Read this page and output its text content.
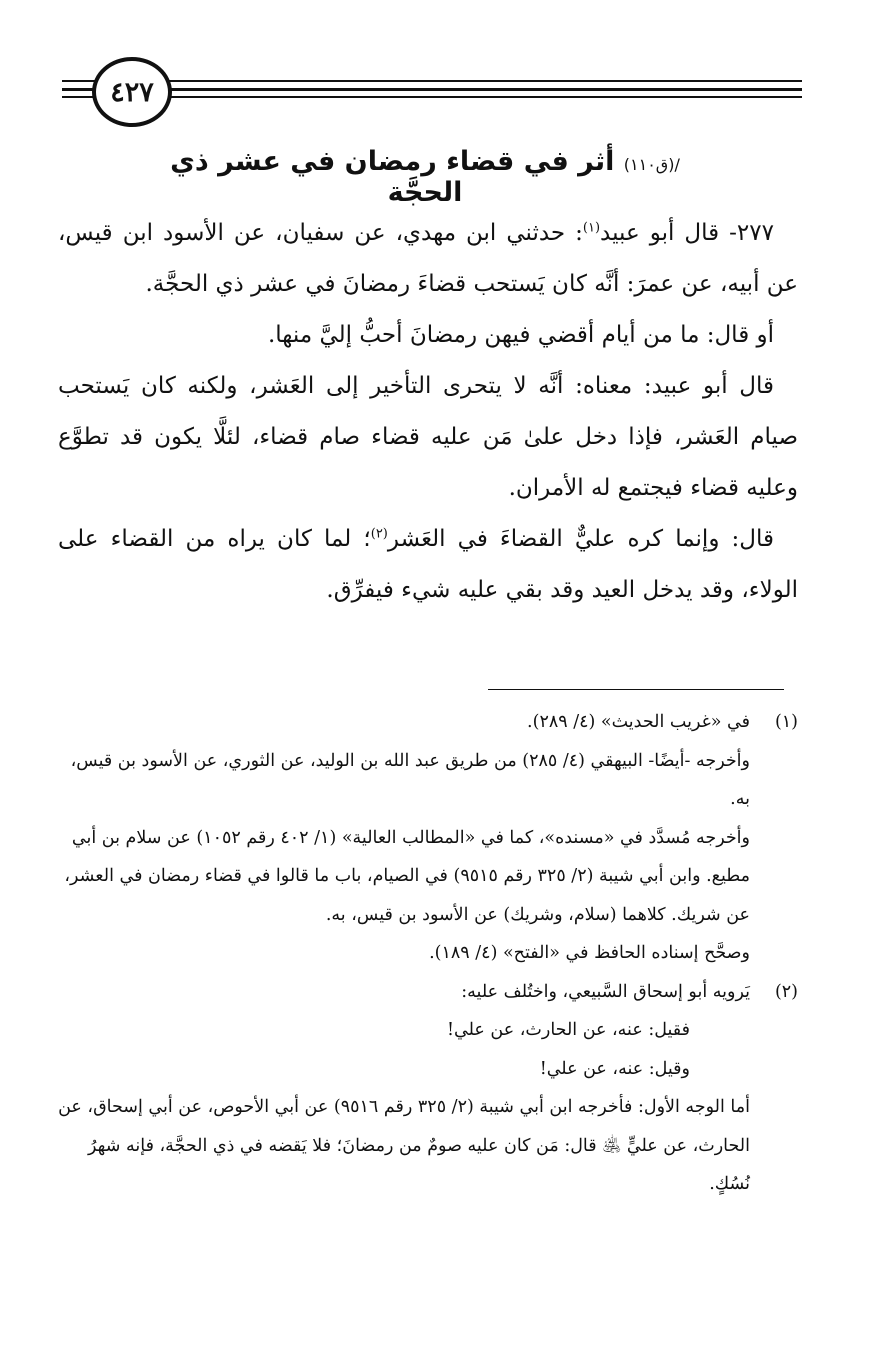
٤٢٧
/(ق١١٠) أثر في قضاء رمضان في عشر ذي الحجَّة

٢٧٧- قال أبو عبيد$^{(١)}$: حدثني ابن مهدي، عن سفيان، عن الأسود ابن قيس، عن أبيه، عن عمرَ: أنَّه كان يَستحب قضاءَ رمضانَ في عشر ذي الحجَّة.

أو قال: ما من أيام أقضي فيهن رمضانَ أحبُّ إليَّ منها.

قال أبو عبيد: معناه: أنَّه لا يتحرى التأخير إلى العَشر، ولكنه كان يَستحب صيام العَشر، فإذا دخل علىٰ مَن عليه قضاء صام قضاء، لئلَّا يكون قد تطوَّع وعليه قضاء فيجتمع له الأمران.

قال: وإنما كره عليٌّ القضاءَ في العَشر$^{(٢)}$؛ لما كان يراه من القضاء على الولاء، وقد يدخل العيد وقد بقي عليه شيء فيفرِّق.

(١)

في «غريب الحديث» (٤/ ٢٨٩).

وأخرجه -أيضًا- البيهقي (٤/ ٢٨٥) من طريق عبد الله بن الوليد، عن الثوري، عن الأسود بن قيس، به.

وأخرجه مُسدَّد في «مسنده»، كما في «المطالب العالية» (١/ ٤٠٢ رقم ١٠٥٢) عن سلام بن أبي مطيع. وابن أبي شيبة (٢/ ٣٢٥ رقم ٩٥١٥) في الصيام، باب ما قالوا في قضاء رمضان في العشر، عن شريك. كلاهما (سلام، وشريك) عن الأسود بن قيس، به.

وصحَّح إسناده الحافظ في «الفتح» (٤/ ١٨٩).

(٢)

يَرويه أبو إسحاق السَّبيعي، واختُلف عليه:

فقيل: عنه، عن الحارث، عن علي!

وقيل: عنه، عن علي!

أما الوجه الأول: فأخرجه ابن أبي شيبة (٢/ ٣٢٥ رقم ٩٥١٦) عن أبي الأحوص، عن أبي إسحاق، عن الحارث، عن عليٍّ ﵁ قال: مَن كان عليه صومٌ من رمضانَ؛ فلا يَقضه في ذي الحجَّة، فإنه شهرُ نُسُكٍ.
